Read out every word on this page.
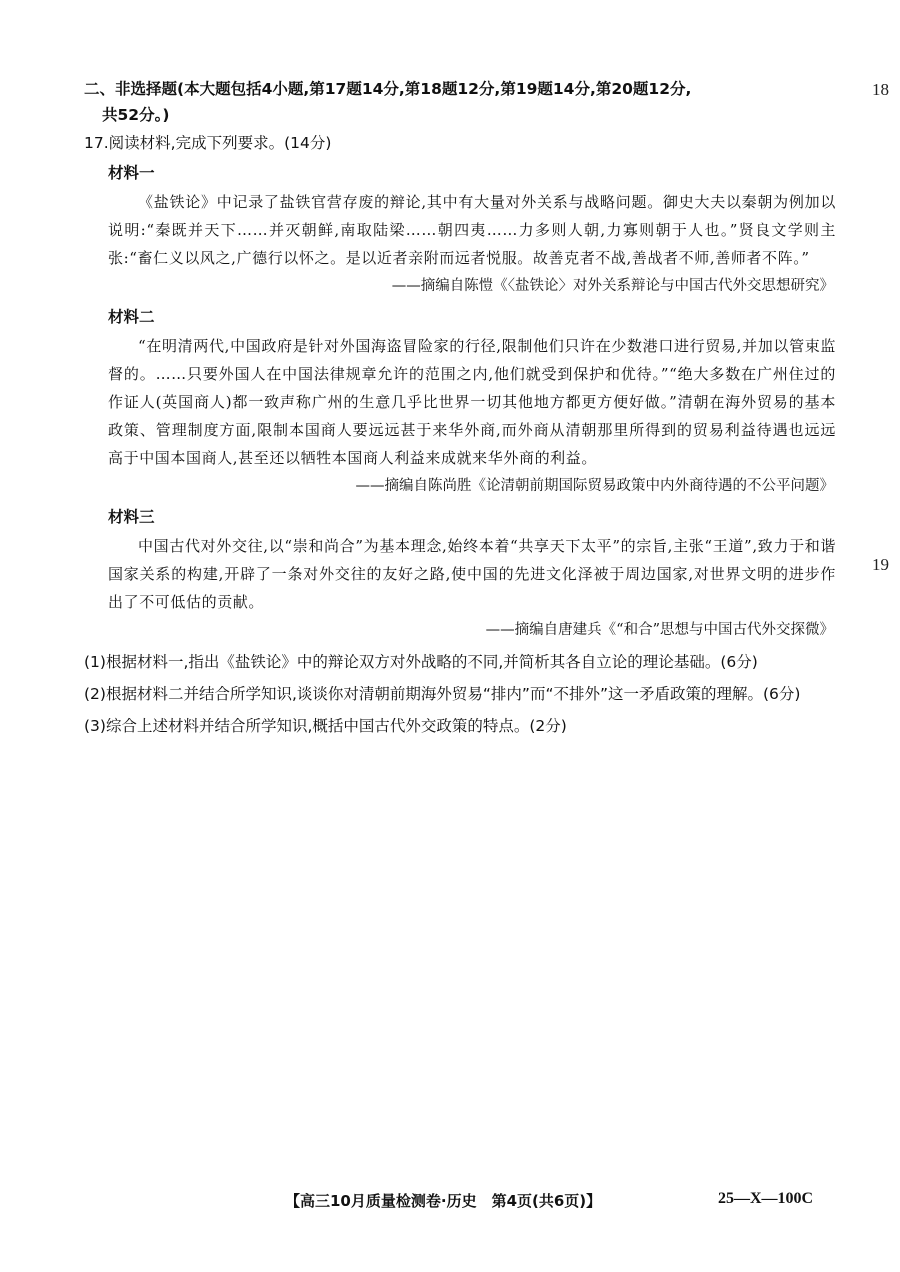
18
19
二、非选择题(本大题包括4小题,第17题14分,第18题12分,第19题14分,第20题12分,
共52分。)
17.阅读材料,完成下列要求。(14分)
材料一

《盐铁论》中记录了盐铁官营存废的辩论,其中有大量对外关系与战略问题。御史大夫以秦朝为例加以说明:“秦既并天下……并灭朝鲜,南取陆梁……朝四夷……力多则人朝,力寡则朝于人也。”贤良文学则主张:“畜仁义以风之,广德行以怀之。是以近者亲附而远者悦服。故善克者不战,善战者不师,善师者不阵。”

——摘编自陈愷《〈盐铁论〉对外关系辩论与中国古代外交思想研究》

材料二

“在明清两代,中国政府是针对外国海盗冒险家的行径,限制他们只许在少数港口进行贸易,并加以管束监督的。……只要外国人在中国法律规章允许的范围之内,他们就受到保护和优待。”“绝大多数在广州住过的作证人(英国商人)都一致声称广州的生意几乎比世界一切其他地方都更方便好做。”清朝在海外贸易的基本政策、管理制度方面,限制本国商人要远远甚于来华外商,而外商从清朝那里所得到的贸易利益待遇也远远高于中国本国商人,甚至还以牺牲本国商人利益来成就来华外商的利益。

——摘编自陈尚胜《论清朝前期国际贸易政策中内外商待遇的不公平问题》

材料三

中国古代对外交往,以“崇和尚合”为基本理念,始终本着“共享天下太平”的宗旨,主张“王道”,致力于和谐国家关系的构建,开辟了一条对外交往的友好之路,使中国的先进文化泽被于周边国家,对世界文明的进步作出了不可低估的贡献。

——摘编自唐建兵《“和合”思想与中国古代外交探微》

(1)根据材料一,指出《盐铁论》中的辩论双方对外战略的不同,并简析其各自立论的理论基础。(6分)

(2)根据材料二并结合所学知识,谈谈你对清朝前期海外贸易“排内”而“不排外”这一矛盾政策的理解。(6分)

(3)综合上述材料并结合所学知识,概括中国古代外交政策的特点。(2分)

【高三10月质量检测卷·历史　第4页(共6页)】	25—X—100C
